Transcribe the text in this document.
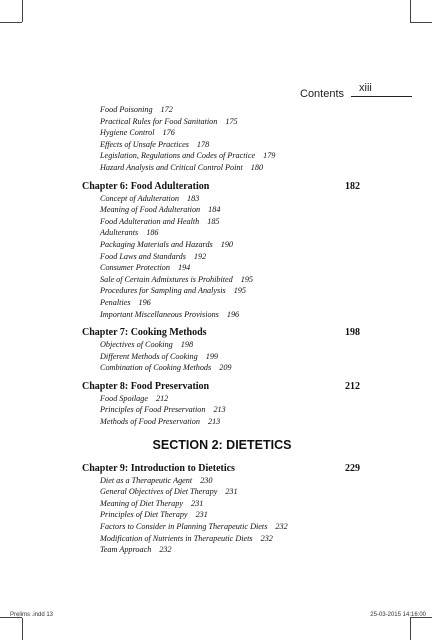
Contents xiii
Food Poisoning 172
Practical Rules for Food Sanitation 175
Hygiene Control 176
Effects of Unsafe Practices 178
Legislation, Regulations and Codes of Practice 179
Hazard Analysis and Critical Control Point 180
Chapter 6: Food Adulteration	182
Concept of Adulteration 183
Meaning of Food Adulteration 184
Food Adulteration and Health 185
Adulterants 186
Packaging Materials and Hazards 190
Food Laws and Standards 192
Consumer Protection 194
Sale of Certain Admixtures is Prohibited 195
Procedures for Sampling and Analysis 195
Penalties 196
Important Miscellaneous Provisions 196
Chapter 7: Cooking Methods	198
Objectives of Cooking 198
Different Methods of Cooking 199
Combination of Cooking Methods 209
Chapter 8: Food Preservation	212
Food Spoilage 212
Principles of Food Preservation 213
Methods of Food Preservation 213
SECTION 2: DIETETICS
Chapter 9: Introduction to Dietetics	229
Diet as a Therapeutic Agent 230
General Objectives of Diet Therapy 231
Meaning of Diet Therapy 231
Principles of Diet Therapy 231
Factors to Consider in Planning Therapeutic Diets 232
Modification of Nutrients in Therapeutic Diets 232
Team Approach 232
Prelims .indd 13	25-03-2015 14:16:00
